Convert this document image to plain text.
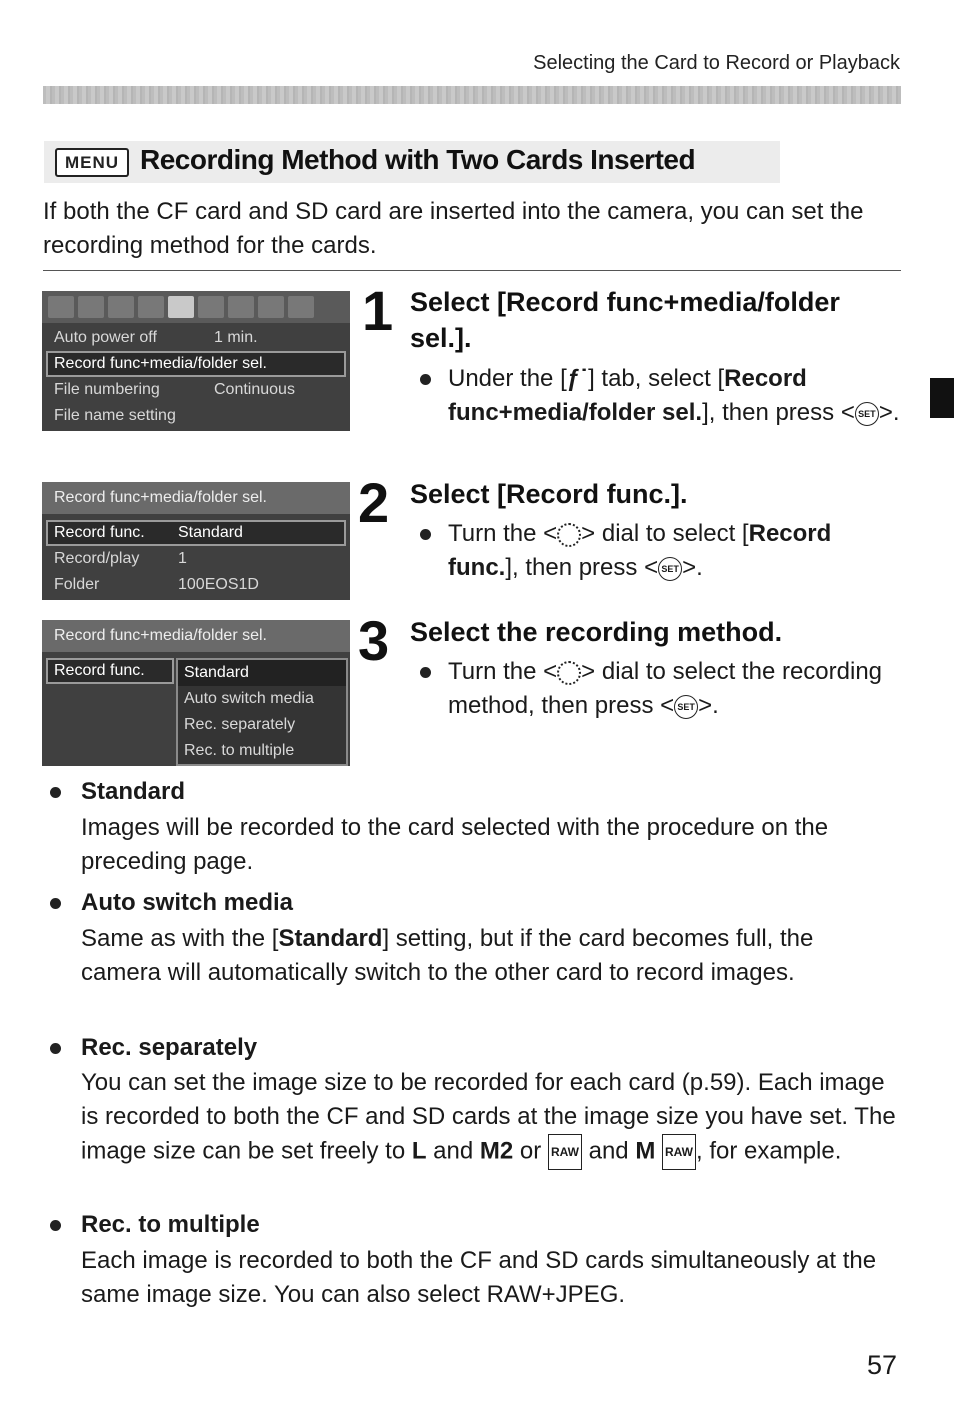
Selecting the Card to Record or Playback
MENU Recording Method with Two Cards Inserted
If both the CF card and SD card are inserted into the camera, you can set the recording method for the cards.
Auto power off	1 min.
Record func+media/folder sel.
File numbering	Continuous
File name setting
Record func+media/folder sel.
Record func.	Standard
Record/play	1
Folder	100EOS1D
Record func+media/folder sel.
Record func.	Standard
Auto switch media
Rec. separately
Rec. to multiple
1 Select [Record func+media/folder sel.].
Under the [ƒ˙] tab, select [Record func+media/folder sel.], then press < SET >.
2 Select [Record func.].
Turn the < > dial to select [Record func.], then press < SET >.
3 Select the recording method.
Turn the < > dial to select the recording method, then press < SET >.
Standard
Images will be recorded to the card selected with the procedure on the preceding page.
Auto switch media
Same as with the [Standard] setting, but if the card becomes full, the camera will automatically switch to the other card to record images.
Rec. separately
You can set the image size to be recorded for each card (p.59). Each image is recorded to both the CF and SD cards at the image size you have set. The image size can be set freely to L and M2 or RAW and M RAW , for example.
Rec. to multiple
Each image is recorded to both the CF and SD cards simultaneously at the same image size. You can also select RAW+JPEG.
57
